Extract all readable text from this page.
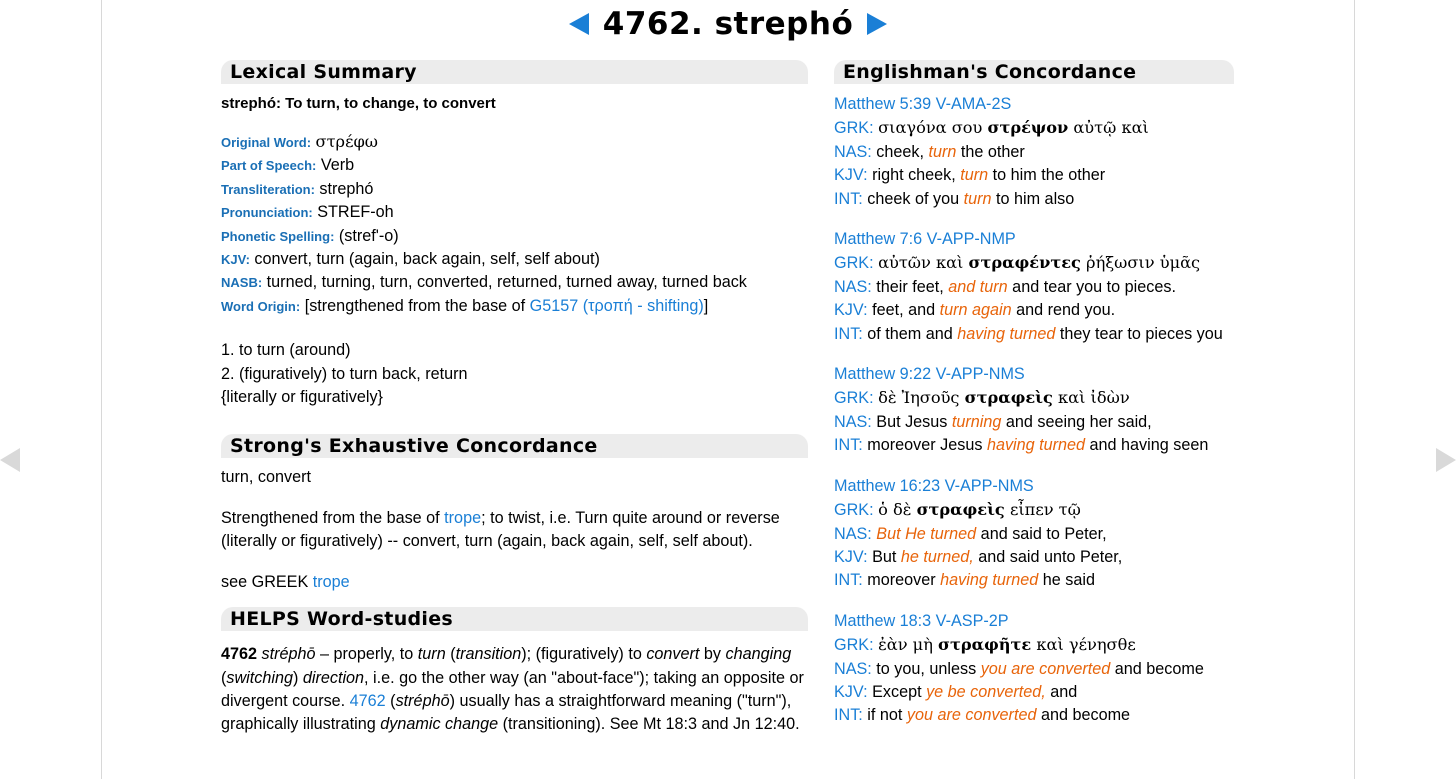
4762. strephó
Lexical Summary
strephó: To turn, to change, to convert
Original Word: στρέφω
Part of Speech: Verb
Transliteration: strephó
Pronunciation: STREF-oh
Phonetic Spelling: (stref'-o)
KJV: convert, turn (again, back again, self, self about)
NASB: turned, turning, turn, converted, returned, turned away, turned back
Word Origin: [strengthened from the base of G5157 (τροπή - shifting)]
1. to turn (around)
2. (figuratively) to turn back, return
{literally or figuratively}
Strong's Exhaustive Concordance
turn, convert
Strengthened from the base of trope; to twist, i.e. Turn quite around or reverse (literally or figuratively) -- convert, turn (again, back again, self, self about).
see GREEK trope
HELPS Word-studies
4762 stréphō – properly, to turn (transition); (figuratively) to convert by changing (switching) direction, i.e. go the other way (an "about-face"); taking an opposite or divergent course. 4762 (stréphō) usually has a straightforward meaning ("turn"), graphically illustrating dynamic change (transitioning). See Mt 18:3 and Jn 12:40.
Englishman's Concordance
Matthew 5:39 V-AMA-2S
GRK: σιαγόνα σου στρέψον αὐτῷ καὶ
NAS: cheek, turn the other
KJV: right cheek, turn to him the other
INT: cheek of you turn to him also
Matthew 7:6 V-APP-NMP
GRK: αὐτῶν καὶ στραφέντες ῥήξωσιν ὑμᾶς
NAS: their feet, and turn and tear you to pieces.
KJV: feet, and turn again and rend you.
INT: of them and having turned they tear to pieces you
Matthew 9:22 V-APP-NMS
GRK: δὲ Ἰησοῦς στραφεὶς καὶ ἰδὼν
NAS: But Jesus turning and seeing her said,
INT: moreover Jesus having turned and having seen
Matthew 16:23 V-APP-NMS
GRK: ὁ δὲ στραφεὶς εἶπεν τῷ
NAS: But He turned and said to Peter,
KJV: But he turned, and said unto Peter,
INT: moreover having turned he said
Matthew 18:3 V-ASP-2P
GRK: ἐὰν μὴ στραφῆτε καὶ γένησθε
NAS: to you, unless you are converted and become
KJV: Except ye be converted, and
INT: if not you are converted and become
